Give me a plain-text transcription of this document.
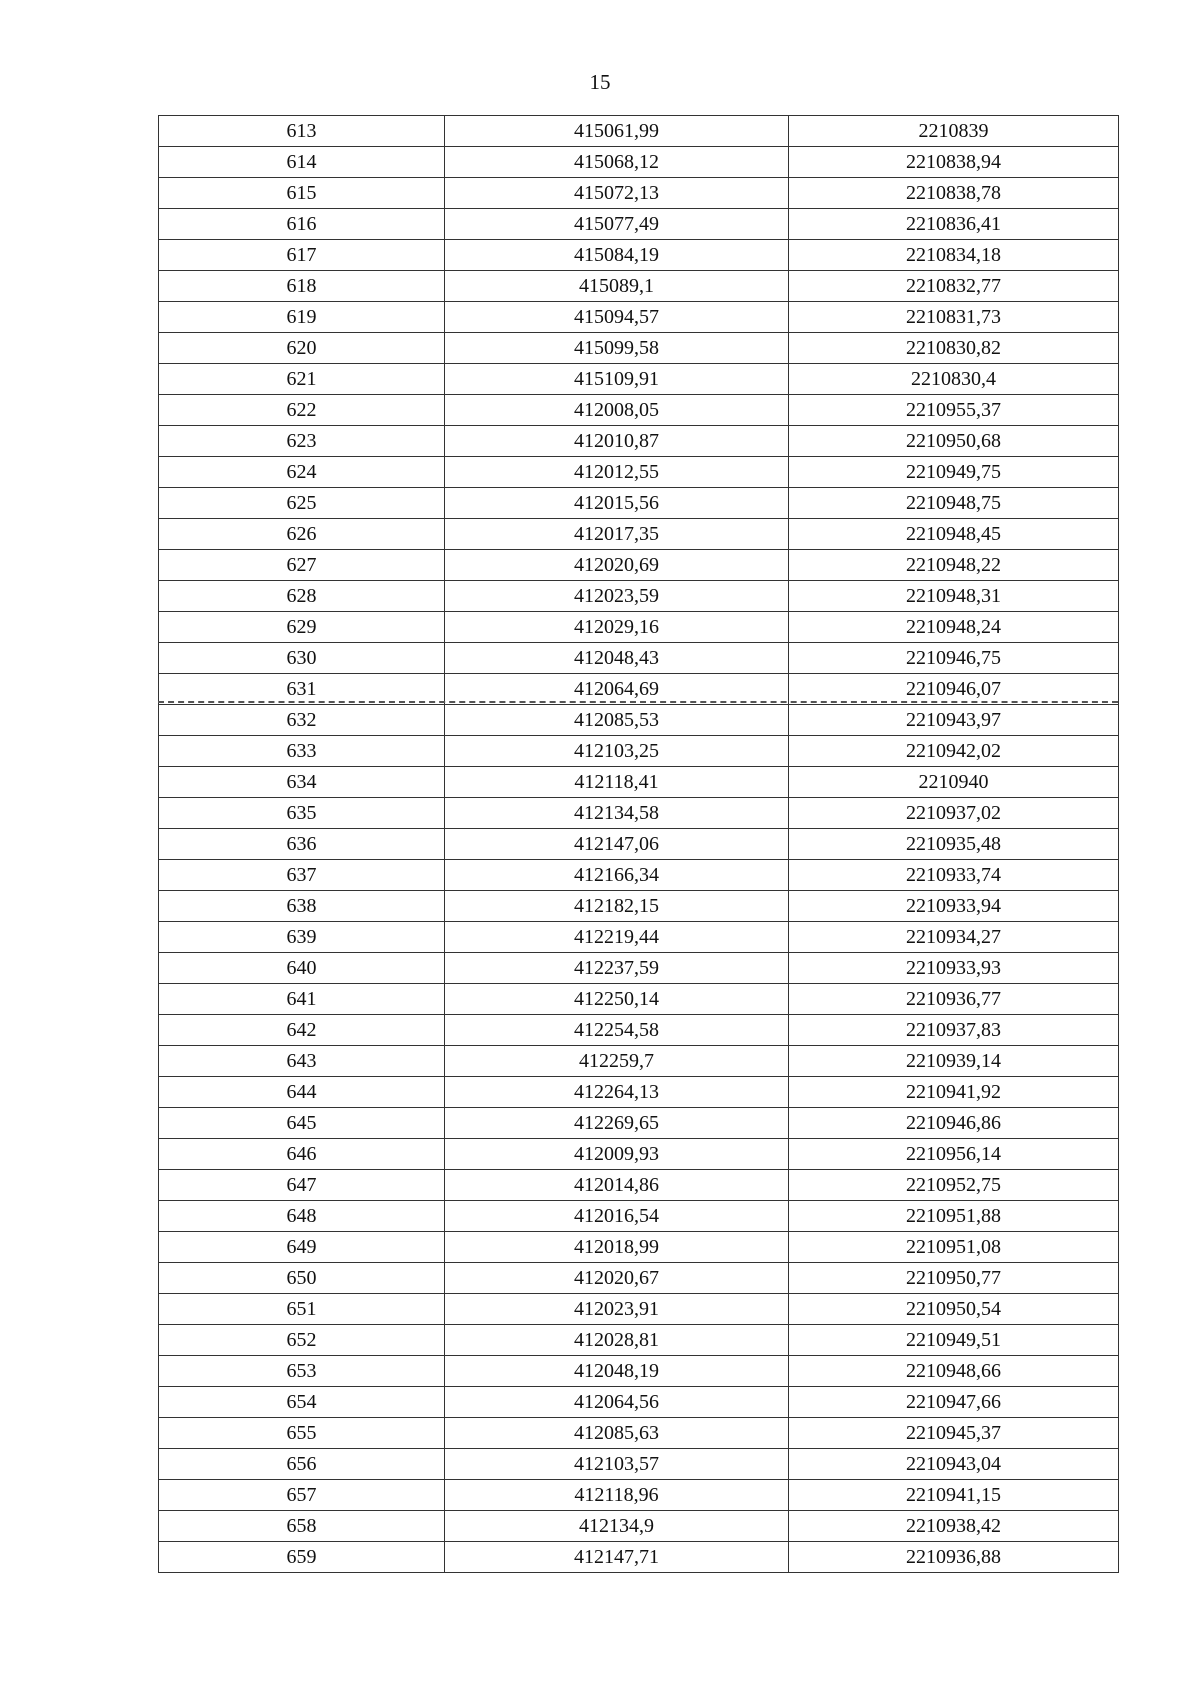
15
613	415061,99	2210839
614	415068,12	2210838,94
615	415072,13	2210838,78
616	415077,49	2210836,41
617	415084,19	2210834,18
618	415089,1	2210832,77
619	415094,57	2210831,73
620	415099,58	2210830,82
621	415109,91	2210830,4
622	412008,05	2210955,37
623	412010,87	2210950,68
624	412012,55	2210949,75
625	412015,56	2210948,75
626	412017,35	2210948,45
627	412020,69	2210948,22
628	412023,59	2210948,31
629	412029,16	2210948,24
630	412048,43	2210946,75
631	412064,69	2210946,07
632	412085,53	2210943,97
633	412103,25	2210942,02
634	412118,41	2210940
635	412134,58	2210937,02
636	412147,06	2210935,48
637	412166,34	2210933,74
638	412182,15	2210933,94
639	412219,44	2210934,27
640	412237,59	2210933,93
641	412250,14	2210936,77
642	412254,58	2210937,83
643	412259,7	2210939,14
644	412264,13	2210941,92
645	412269,65	2210946,86
646	412009,93	2210956,14
647	412014,86	2210952,75
648	412016,54	2210951,88
649	412018,99	2210951,08
650	412020,67	2210950,77
651	412023,91	2210950,54
652	412028,81	2210949,51
653	412048,19	2210948,66
654	412064,56	2210947,66
655	412085,63	2210945,37
656	412103,57	2210943,04
657	412118,96	2210941,15
658	412134,9	2210938,42
659	412147,71	2210936,88
